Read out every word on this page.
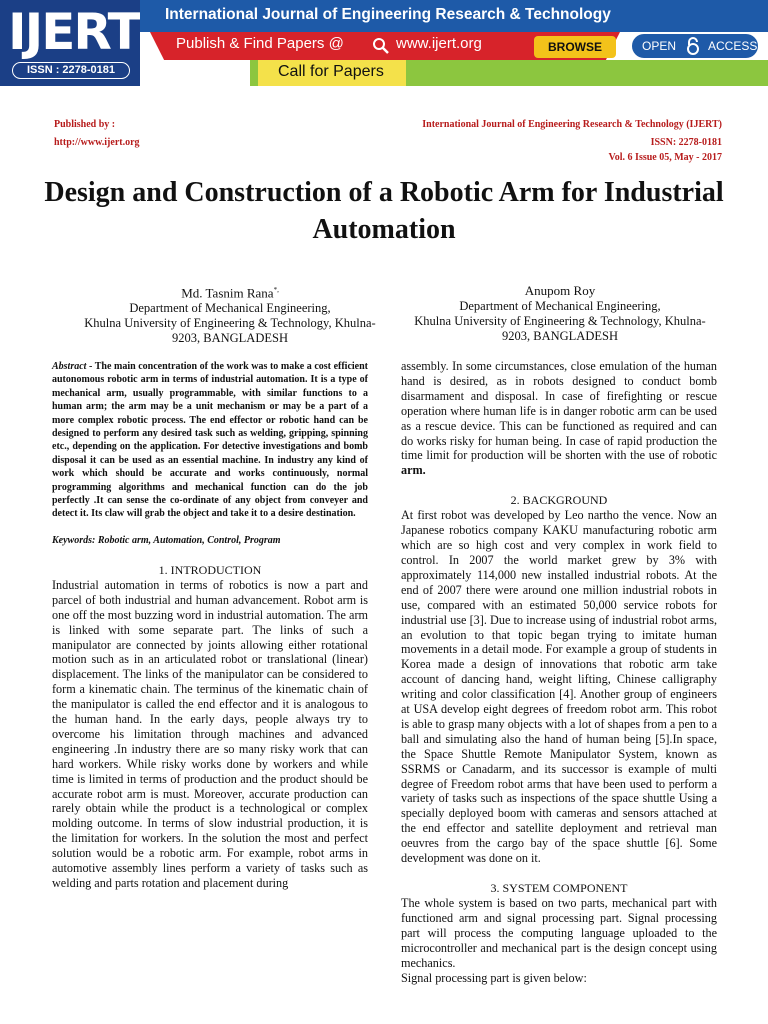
IJERT
ISSN : 2278-0181
International Journal of Engineering Research & Technology
Publish & Find Papers @	www.ijert.org	BROWSE	OPEN	ACCESS
Call for Papers
Published by :
http://www.ijert.org
International Journal of Engineering Research & Technology (IJERT)
ISSN: 2278-0181
Vol. 6 Issue 05, May - 2017
Design and Construction of a Robotic Arm for Industrial Automation
Md. Tasnim Rana*,
Department of Mechanical Engineering,
Khulna University of Engineering & Technology, Khulna-
9203, BANGLADESH
Anupom Roy
Department of Mechanical Engineering,
Khulna University of Engineering & Technology, Khulna-
9203, BANGLADESH
Abstract - The main concentration of the work was to make a cost efficient autonomous robotic arm in terms of industrial automation. It is a type of mechanical arm, usually programmable, with similar functions to a human arm; the arm may be a unit mechanism or may be a part of a more complex robotic process. The end effector or robotic hand can be designed to perform any desired task such as welding, gripping, spinning etc., depending on the application. For detective investigations and bomb disposal it can be used as an essential machine. In industry any kind of work which should be accurate and works continuously, normal programming algorithms and mechanical function can do the job perfectly .It can sense the co-ordinate of any object from conveyer and detect it. Its claw will grab the object and take it to a desire destination.
Keywords: Robotic arm, Automation, Control, Program
1. INTRODUCTION
Industrial automation in terms of robotics is now a part and parcel of both industrial and human advancement. Robot arm is one off the most buzzing word in industrial automation. The arm is linked with some separate part. The links of such a manipulator are connected by joints allowing either rotational motion such as in an articulated robot or translational (linear) displacement. The links of the manipulator can be considered to form a kinematic chain. The terminus of the kinematic chain of the manipulator is called the end effector and it is analogous to the human hand. In the early days, people always try to overcome his limitation through machines and advanced engineering .In industry there are so many risky work that can hard workers. While risky works done by workers and while time is limited in terms of production and the product should be accurate robot arm is must. Moreover, accurate production can rarely obtain while the product is a technological or complex molding outcome. In terms of slow industrial production, it is the limitation for workers. In the solution the most and perfect solution would be a robotic arm. For example, robot arms in automotive assembly lines perform a variety of tasks such as welding and parts rotation and placement during
assembly. In some circumstances, close emulation of the human hand is desired, as in robots designed to conduct bomb disarmament and disposal. In case of firefighting or rescue operation where human life is in danger robotic arm can be used as a rescue device. This can be functioned as required and can do works risky for human being. In case of rapid production the time limit for production will be shorten with the use of robotic arm.
2. BACKGROUND
At first robot was developed by Leo nartho the vence. Now an Japanese robotics company KAKU manufacturing robotic arm which are so high cost and very complex in work field to control. In 2007 the world market grew by 3% with approximately 114,000 new installed industrial robots. At the end of 2007 there were around one million industrial robots in use, compared with an estimated 50,000 service robots for industrial use [3]. Due to increase using of industrial robot arms, an evolution to that topic began trying to imitate human movements in a detail mode. For example a group of students in Korea made a design of innovations that robotic arm take account of dancing hand, weight lifting, Chinese calligraphy writing and color classification [4]. Another group of engineers at USA develop eight degrees of freedom robot arm. This robot is able to grasp many objects with a lot of shapes from a pen to a ball and simulating also the hand of human being [5].In space, the Space Shuttle Remote Manipulator System, known as SSRMS or Canadarm, and its successor is example of multi degree of Freedom robot arms that have been used to perform a variety of tasks such as inspections of the space shuttle Using a specially deployed boom with cameras and sensors attached at the end effector and satellite deployment and retrieval man oeuvres from the cargo bay of the space shuttle [6]. Some development was done on it.
3. SYSTEM COMPONENT
The whole system is based on two parts, mechanical part with functioned arm and signal processing part. Signal processing part will process the computing language uploaded to the microcontroller and mechanical part is the design concept using mechanics.
Signal processing part is given below:
